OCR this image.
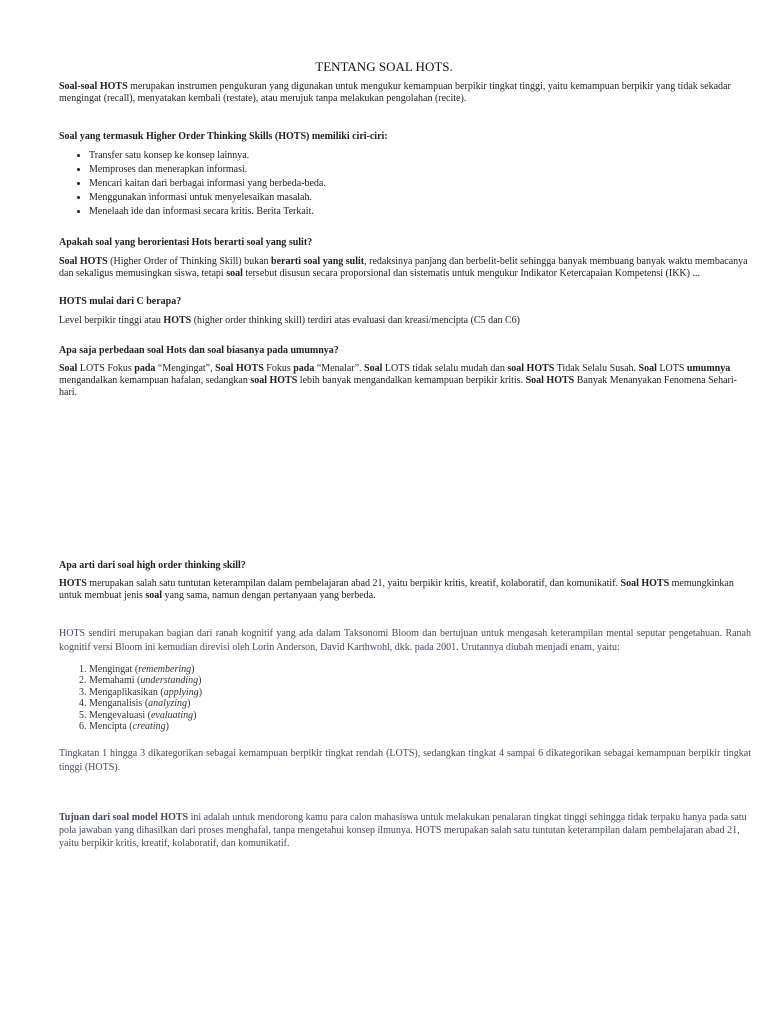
TENTANG SOAL HOTS.

Soal-soal HOTS merupakan instrumen pengukuran yang digunakan untuk mengukur kemampuan berpikir tingkat tinggi, yaitu kemampuan berpikir yang tidak sekadar mengingat (recall), menyatakan kembali (restate), atau merujuk tanpa melakukan pengolahan (recite).

Soal yang termasuk Higher Order Thinking Skills (HOTS) memiliki ciri-ciri:

• Transfer satu konsep ke konsep lainnya.
• Memproses dan menerapkan informasi.
• Mencari kaitan dari berbagai informasi yang berbeda-beda.
• Menggunakan informasi untuk menyelesaikan masalah.
• Menelaah ide dan informasi secara kritis. Berita Terkait.

Apakah soal yang berorientasi Hots berarti soal yang sulit?

Soal HOTS (Higher Order of Thinking Skill) bukan berarti soal yang sulit, redaksinya panjang dan berbelit-belit sehingga banyak membuang banyak waktu membacanya dan sekaligus memusingkan siswa, tetapi soal tersebut disusun secara proporsional dan sistematis untuk mengukur Indikator Ketercapaian Kompetensi (IKK) ...

HOTS mulai dari C berapa?

Level berpikir tinggi atau HOTS (higher order thinking skill) terdiri atas evaluasi dan kreasi/mencipta (C5 dan C6)

Apa saja perbedaan soal Hots dan soal biasanya pada umumnya?

Soal LOTS Fokus pada “Mengingat”, Soal HOTS Fokus pada “Menalar”. Soal LOTS tidak selalu mudah dan soal HOTS Tidak Selalu Susah. Soal LOTS umumnya mengandalkan kemampuan hafalan, sedangkan soal HOTS lebih banyak mengandalkan kemampuan berpikir kritis. Soal HOTS Banyak Menanyakan Fenomena Sehari-hari.

Apa arti dari soal high order thinking skill?

HOTS merupakan salah satu tuntutan keterampilan dalam pembelajaran abad 21, yaitu berpikir kritis, kreatif, kolaboratif, dan komunikatif. Soal HOTS memungkinkan untuk membuat jenis soal yang sama, namun dengan pertanyaan yang berbeda.

HOTS sendiri merupakan bagian dari ranah kognitif yang ada dalam Taksonomi Bloom dan bertujuan untuk mengasah keterampilan mental seputar pengetahuan. Ranah kognitif versi Bloom ini kemudian direvisi oleh Lorin Anderson, David Karthwohl, dkk. pada 2001. Urutannya diubah menjadi enam, yaitu:

1. Mengingat (remembering)
2. Memahami (understanding)
3. Mengaplikasikan (applying)
4. Menganalisis (analyzing)
5. Mengevaluasi (evaluating)
6. Mencipta (creating)

Tingkatan 1 hingga 3 dikategorikan sebagai kemampuan berpikir tingkat rendah (LOTS), sedangkan tingkat 4 sampai 6 dikategorikan sebagai kemampuan berpikir tingkat tinggi (HOTS).

Tujuan dari soal model HOTS ini adalah untuk mendorong kamu para calon mahasiswa untuk melakukan penalaran tingkat tinggi sehingga tidak terpaku hanya pada satu pola jawaban yang dihasilkan dari proses menghafal, tanpa mengetahui konsep ilmunya. HOTS merupakan salah satu tuntutan keterampilan dalam pembelajaran abad 21, yaitu berpikir kritis, kreatif, kolaboratif, dan komunikatif.
